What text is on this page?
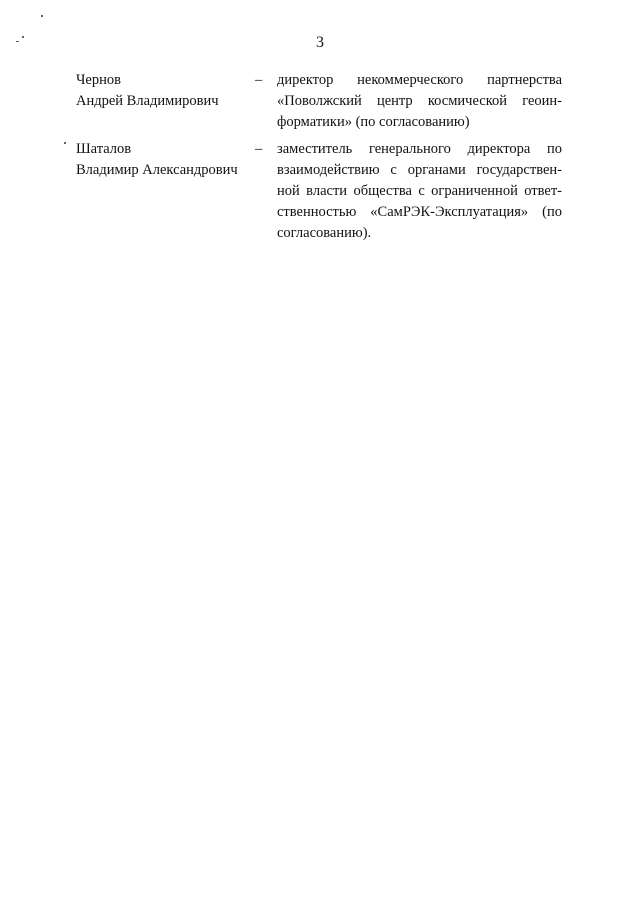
3
Чернов
Андрей Владимирович
– директор некоммерческого партнерства
«Поволжский центр космической геоин-
форматики» (по согласованию)
Шаталов
Владимир Александрович
– заместитель генерального директора по
взаимодействию с органами государствен-
ной власти общества с ограниченной ответ-
ственностью «СамРЭК-Эксплуатация» (по
согласованию).
